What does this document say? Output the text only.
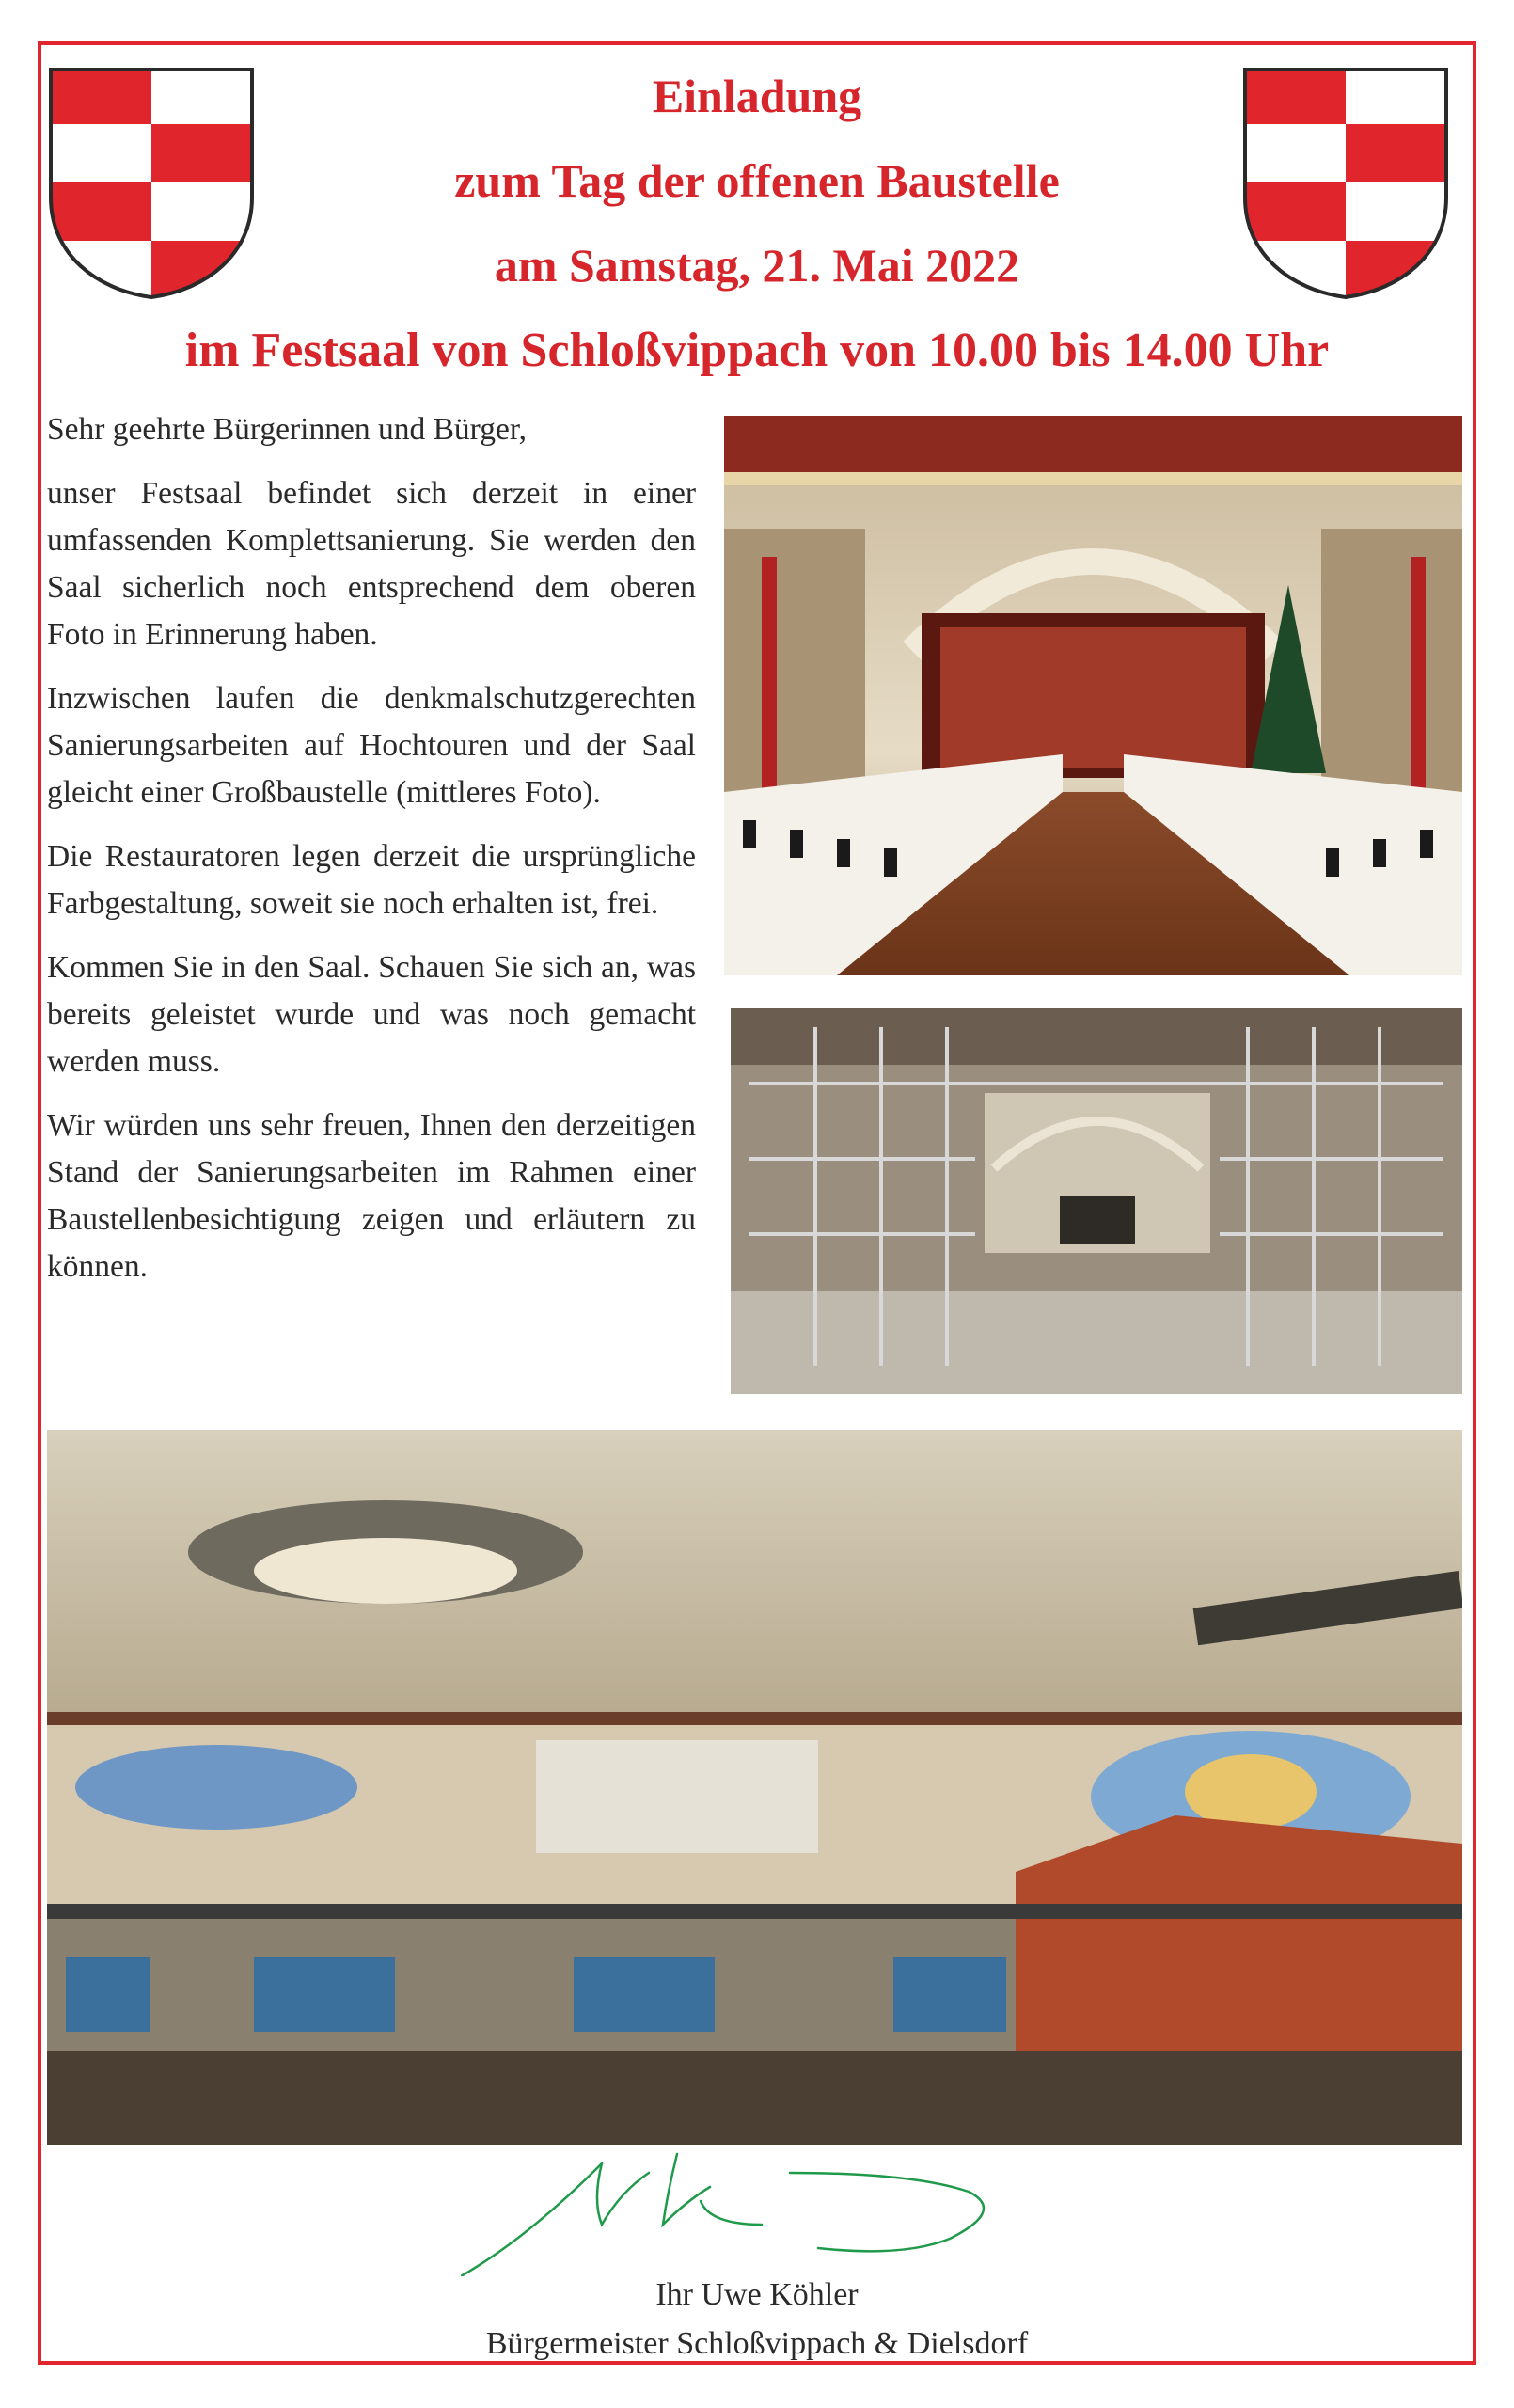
Einladung
zum Tag der offenen Baustelle
am Samstag, 21. Mai 2022
im Festsaal von Schloßvippach von 10.00 bis 14.00 Uhr

Sehr geehrte Bürgerinnen und Bürger,

unser Festsaal befindet sich derzeit in einer umfassenden Komplettsanierung. Sie werden den Saal sicherlich noch entsprechend dem oberen Foto in Erinnerung haben.

Inzwischen laufen die denkmalschutzgerechten Sanierungsarbeiten auf Hochtouren und der Saal gleicht einer Großbaustelle (mittleres Foto).

Die Restauratoren legen derzeit die ursprüngliche Farbgestaltung, soweit sie noch erhalten ist, frei.

Kommen Sie in den Saal. Schauen Sie sich an, was bereits geleistet wurde und was noch gemacht werden muss.

Wir würden uns sehr freuen, Ihnen den derzeitigen Stand der Sanierungsarbeiten im Rahmen einer Baustellenbesichtigung zeigen und erläutern zu können.

Ihr Uwe Köhler

Bürgermeister Schloßvippach & Dielsdorf
